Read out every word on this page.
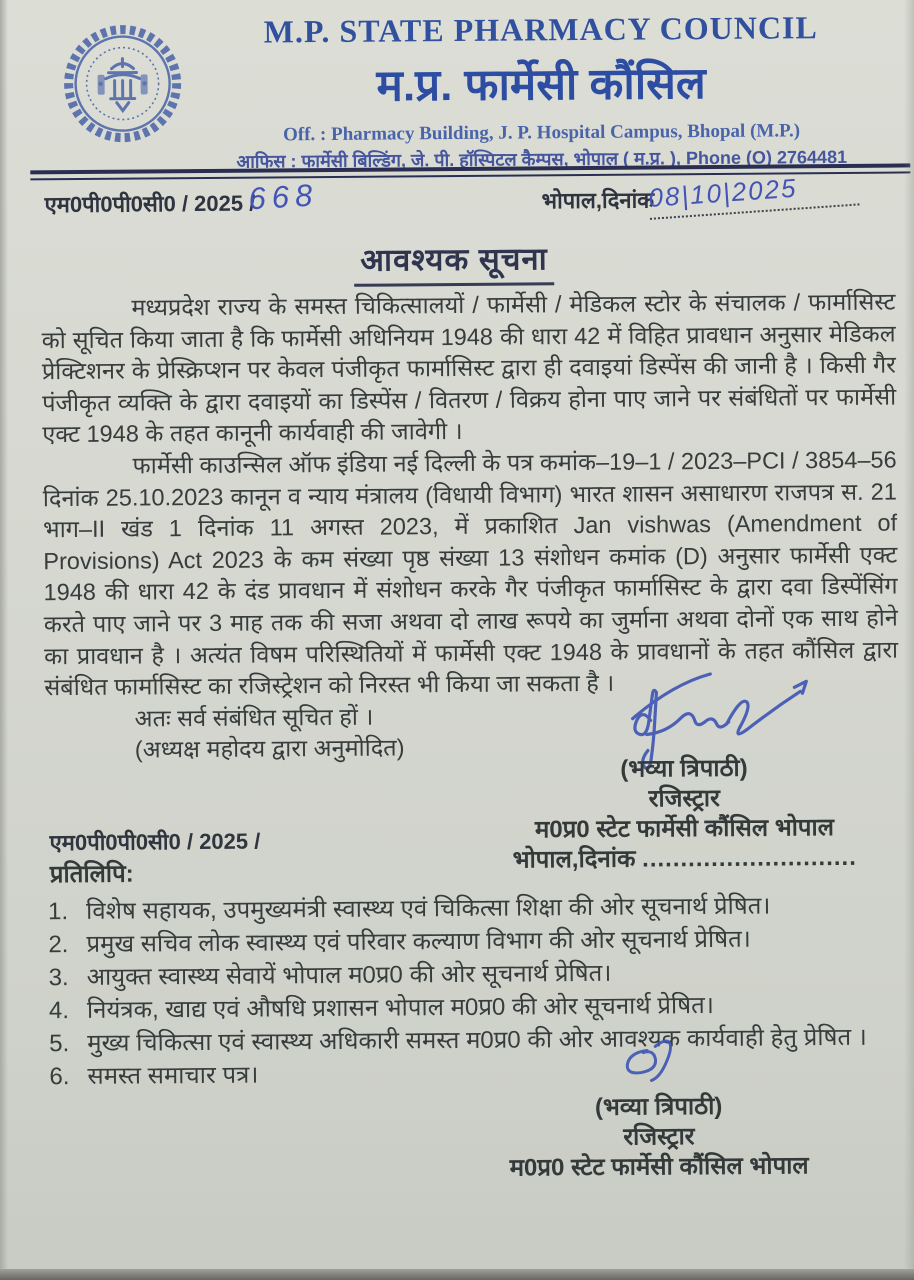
M.P. STATE PHARMACY COUNCIL
म.प्र. फार्मेसी कौंसिल
Off. : Pharmacy Building, J. P. Hospital Campus, Bhopal (M.P.)
आफिस : फार्मेसी बिल्डिंग, जे. पी. हॉस्पिटल कैम्पस, भोपाल ( म.प्र. ), Phone (O) 2764481
एम0पी0पी0सी0 / 2025 /
668	भोपाल,दिनांक
08|10|2025
आवश्यक सूचना

मध्यप्रदेश राज्य के समस्त चिकित्सालयों / फार्मेसी / मेडिकल स्टोर के संचालक / फार्मासिस्ट को सूचित किया जाता है कि फार्मेसी अधिनियम 1948 की धारा 42 में विहित प्रावधान अनुसार मेडिकल प्रेक्टिशनर के प्रेस्क्रिप्शन पर केवल पंजीकृत फार्मासिस्ट द्वारा ही दवाइयां डिस्पेंस की जानी है । किसी गैर पंजीकृत व्यक्ति के द्वारा दवाइयों का डिस्पेंस / वितरण / विक्रय होना पाए जाने पर संबंधितों पर फार्मेसी एक्ट 1948 के तहत कानूनी कार्यवाही की जावेगी ।

फार्मेसी काउन्सिल ऑफ इंडिया नई दिल्ली के पत्र कमांक–19–1 / 2023–PCI / 3854–56 दिनांक 25.10.2023 कानून व न्याय मंत्रालय (विधायी विभाग) भारत शासन असाधारण राजपत्र स. 21 भाग–II खंड 1 दिनांक 11 अगस्त 2023, में प्रकाशित Jan vishwas (Amendment of Provisions) Act 2023 के कम संख्या पृष्ठ संख्या 13 संशोधन कमांक (D) अनुसार फार्मेसी एक्ट 1948 की धारा 42 के दंड प्रावधान में संशोधन करके गैर पंजीकृत फार्मासिस्ट के द्वारा दवा डिस्पेंसिंग करते पाए जाने पर 3 माह तक की सजा अथवा दो लाख रूपये का जुर्माना अथवा दोनों एक साथ होने का प्रावधान है । अत्यंत विषम परिस्थितियों में फार्मेसी एक्ट 1948 के प्रावधानों के तहत कौंसिल द्वारा संबंधित फार्मासिस्ट का रजिस्ट्रेशन को निरस्त भी किया जा सकता है ।

अतः सर्व संबंधित सूचित हों ।

(अध्यक्ष महोदय द्वारा अनुमोदित)

(भव्या त्रिपाठी)
रजिस्ट्रार
म0प्र0 स्टेट फार्मेसी कौंसिल भोपाल
भोपाल,दिनांक ............................
एम0पी0पी0सी0 / 2025 /
प्रतिलिपि:
विशेष सहायक, उपमुख्यमंत्री स्वास्थ्य एवं चिकित्सा शिक्षा की ओर सूचनार्थ प्रेषित।
प्रमुख सचिव लोक स्वास्थ्य एवं परिवार कल्याण विभाग की ओर सूचनार्थ प्रेषित।
आयुक्त स्वास्थ्य सेवायें भोपाल म0प्र0 की ओर सूचनार्थ प्रेषित।
नियंत्रक, खाद्य एवं औषधि प्रशासन भोपाल म0प्र0 की ओर सूचनार्थ प्रेषित।
मुख्य चिकित्सा एवं स्वास्थ्य अधिकारी समस्त म0प्र0 की ओर आवश्यक कार्यवाही हेतु प्रेषित ।
समस्त समाचार पत्र।
(भव्या त्रिपाठी)
रजिस्ट्रार
म0प्र0 स्टेट फार्मेसी कौंसिल भोपाल
